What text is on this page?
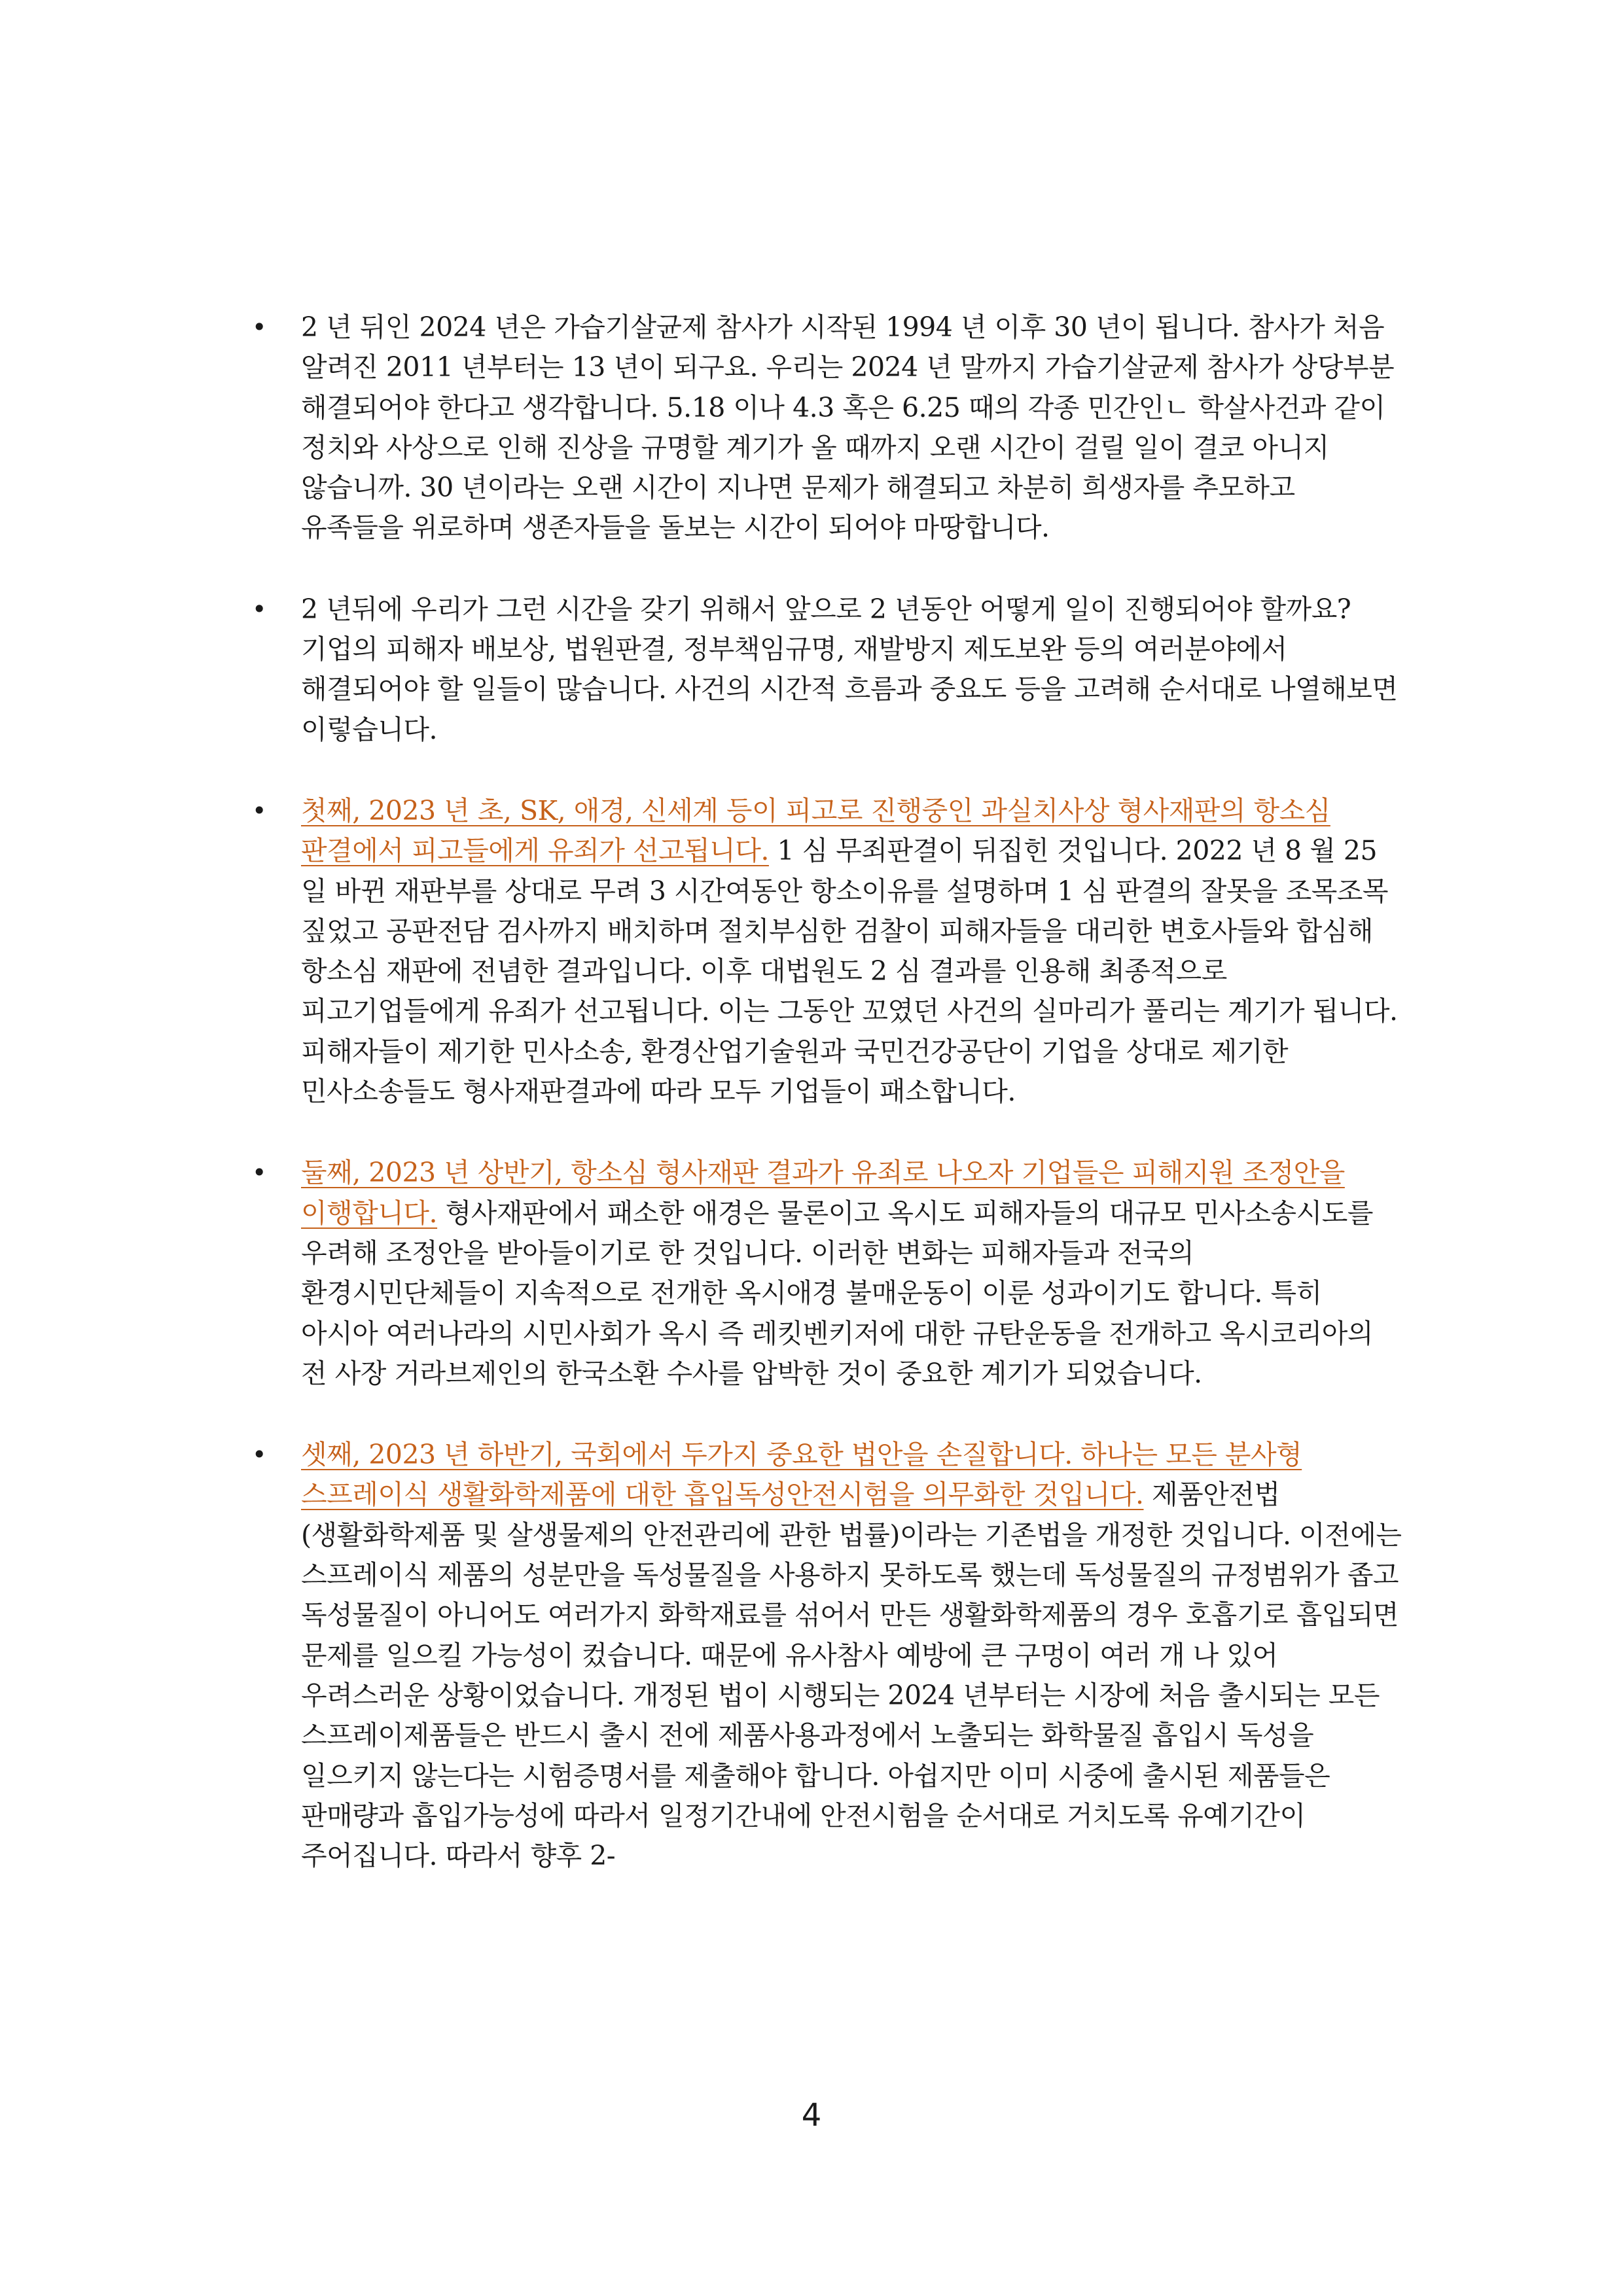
• 2 년 뒤인 2024 년은 가습기살균제 참사가 시작된 1994 년 이후 30 년이 됩니다. 참사가 처음 알려진 2011 년부터는 13 년이 되구요. 우리는 2024 년 말까지 가습기살균제 참사가 상당부분 해결되어야 한다고 생각합니다. 5.18 이나 4.3 혹은 6.25 때의 각종 민간인ㄴ 학살사건과 같이 정치와 사상으로 인해 진상을 규명할 계기가 올 때까지 오랜 시간이 걸릴 일이 결코 아니지 않습니까. 30 년이라는 오랜 시간이 지나면 문제가 해결되고 차분히 희생자를 추모하고 유족들을 위로하며 생존자들을 돌보는 시간이 되어야 마땅합니다.
• 2 년뒤에 우리가 그런 시간을 갖기 위해서 앞으로 2 년동안 어떻게 일이 진행되어야 할까요? 기업의 피해자 배보상, 법원판결, 정부책임규명, 재발방지 제도보완 등의 여러분야에서 해결되어야 할 일들이 많습니다. 사건의 시간적 흐름과 중요도 등을 고려해 순서대로 나열해보면 이렇습니다.
• 첫째, 2023 년 초, SK, 애경, 신세계 등이 피고로 진행중인 과실치사상 형사재판의 항소심 판결에서 피고들에게 유죄가 선고됩니다. 1 심 무죄판결이 뒤집힌 것입니다. 2022 년 8 월 25 일 바뀐 재판부를 상대로 무려 3 시간여동안 항소이유를 설명하며 1 심 판결의 잘못을 조목조목 짚었고 공판전담 검사까지 배치하며 절치부심한 검찰이 피해자들을 대리한 변호사들와 합심해 항소심 재판에 전념한 결과입니다. 이후 대법원도 2 심 결과를 인용해 최종적으로 피고기업들에게 유죄가 선고됩니다. 이는 그동안 꼬였던 사건의 실마리가 풀리는 계기가 됩니다. 피해자들이 제기한 민사소송, 환경산업기술원과 국민건강공단이 기업을 상대로 제기한 민사소송들도 형사재판결과에 따라 모두 기업들이 패소합니다.
• 둘째, 2023 년 상반기, 항소심 형사재판 결과가 유죄로 나오자 기업들은 피해지원 조정안을 이행합니다. 형사재판에서 패소한 애경은 물론이고 옥시도 피해자들의 대규모 민사소송시도를 우려해 조정안을 받아들이기로 한 것입니다. 이러한 변화는 피해자들과 전국의 환경시민단체들이 지속적으로 전개한 옥시애경 불매운동이 이룬 성과이기도 합니다. 특히 아시아 여러나라의 시민사회가 옥시 즉 레킷벤키저에 대한 규탄운동을 전개하고 옥시코리아의 전 사장 거라브제인의 한국소환 수사를 압박한 것이 중요한 계기가 되었습니다.
• 셋째, 2023 년 하반기, 국회에서 두가지 중요한 법안을 손질합니다. 하나는 모든 분사형 스프레이식 생활화학제품에 대한 흡입독성안전시험을 의무화한 것입니다. 제품안전법(생활화학제품 및 살생물제의 안전관리에 관한 법률)이라는 기존법을 개정한 것입니다. 이전에는 스프레이식 제품의 성분만을 독성물질을 사용하지 못하도록 했는데 독성물질의 규정범위가 좁고 독성물질이 아니어도 여러가지 화학재료를 섞어서 만든 생활화학제품의 경우 호흡기로 흡입되면 문제를 일으킬 가능성이 컸습니다. 때문에 유사참사 예방에 큰 구멍이 여러 개 나 있어 우려스러운 상황이었습니다. 개정된 법이 시행되는 2024 년부터는 시장에 처음 출시되는 모든 스프레이제품들은 반드시 출시 전에 제품사용과정에서 노출되는 화학물질 흡입시 독성을 일으키지 않는다는 시험증명서를 제출해야 합니다. 아쉽지만 이미 시중에 출시된 제품들은 판매량과 흡입가능성에 따라서 일정기간내에 안전시험을 순서대로 거치도록 유예기간이 주어집니다. 따라서 향후 2-
4
